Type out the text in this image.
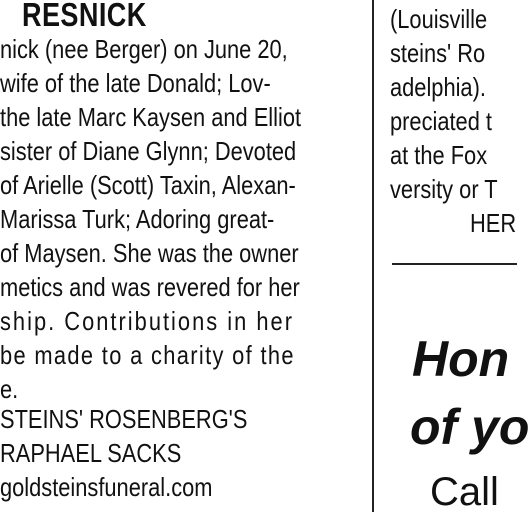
RESNICK
nick (nee Berger) on June 20,
wife of the late Donald; Lov-
the late Marc Kaysen and Elliot
sister of Diane Glynn; Devoted
of Arielle (Scott) Taxin, Alexan-
Marissa Turk; Adoring great-
of Maysen. She was the owner
metics and was revered for her
ship. Contributions in her
be made to a charity of the
e.
STEINS' ROSENBERG'S
RAPHAEL SACKS
goldsteinsfuneral.com
(Louisville
steins' Ro
adelphia).
preciated t
at the Fox
versity or T
HER
Hon
of yo
Call
